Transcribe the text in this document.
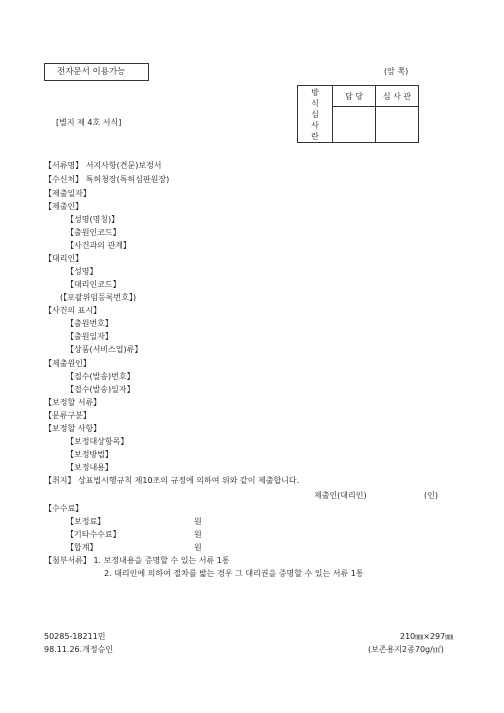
전자문서 이용가능	(앞 쪽)
[별지 제 4호 서식]
방
식
심
사
란	담 당	심 사 관

【서류명】 서지사항(견문)보정서
【수신처】 특허청장(특허심판원장)
【제출일자】
【제출인】
【성명(명칭)】
【출원인코드】
【사건과의 관계】
【대리인】
【성명】
【대리인코드】
(【포괄위임등록번호】)
【사건의 표시】
【출원번호】
【출원일자】
【상품(서비스업)류】
【제출원인】
【접수(발송)번호】
【접수(발송)일자】
【보정할 서류】
【문류구분】
【보정할 사항】
【보정대상항목】
【보정방법】
【보정내용】
【취지】 상표법시행규칙 제10조의 규정에 의하여 위와 같이 제출합니다.
제출인(대리인)	(인)
【수수료】
【보정료】	원
【기타수수료】	원
【합계】	원
【첨부서류】 1. 보정내용을 증명할 수 있는 서류 1통
2. 대리인에 의하여 절차를 밟는 경우 그 대리권을 증명할 수 있는 서류 1통
50285-18211민
98.11.26.개정승인
210㎜×297㎜
(보존용지2종70g/㎡)
